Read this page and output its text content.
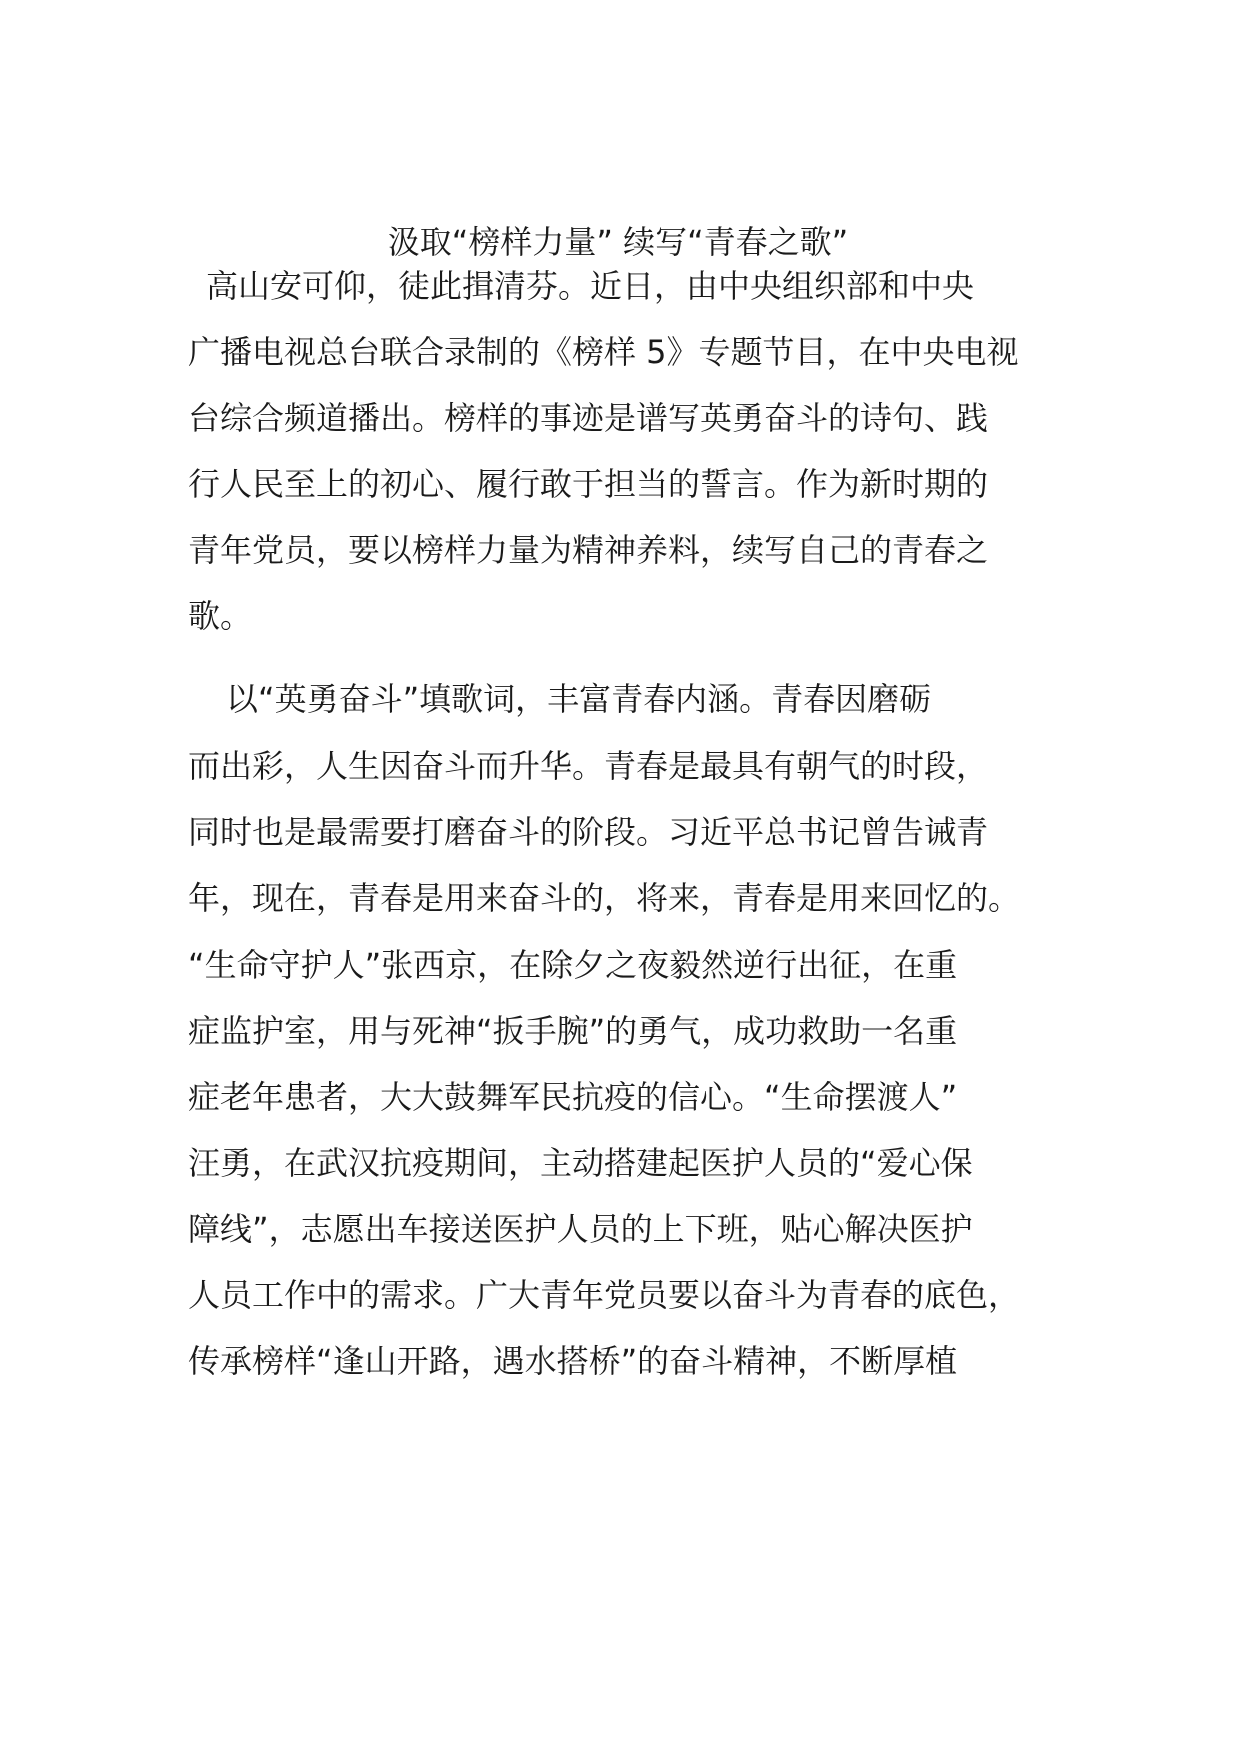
汲取“榜样力量” 续写“青春之歌”
高山安可仰，徒此揖清芬。近日，由中央组织部和中央
广播电视总台联合录制的《榜样 5》专题节目，在中央电视
台综合频道播出。榜样的事迹是谱写英勇奋斗的诗句、践
行人民至上的初心、履行敢于担当的誓言。作为新时期的
青年党员，要以榜样力量为精神养料，续写自己的青春之
歌。
以“英勇奋斗”填歌词，丰富青春内涵。青春因磨砺
而出彩，人生因奋斗而升华。青春是最具有朝气的时段，
同时也是最需要打磨奋斗的阶段。习近平总书记曾告诫青
年，现在，青春是用来奋斗的，将来，青春是用来回忆的。
“生命守护人”张西京，在除夕之夜毅然逆行出征，在重
症监护室，用与死神“扳手腕”的勇气，成功救助一名重
症老年患者，大大鼓舞军民抗疫的信心。“生命摆渡人”
汪勇，在武汉抗疫期间，主动搭建起医护人员的“爱心保
障线”，志愿出车接送医护人员的上下班，贴心解决医护
人员工作中的需求。广大青年党员要以奋斗为青春的底色，
传承榜样“逢山开路，遇水搭桥”的奋斗精神，不断厚植
